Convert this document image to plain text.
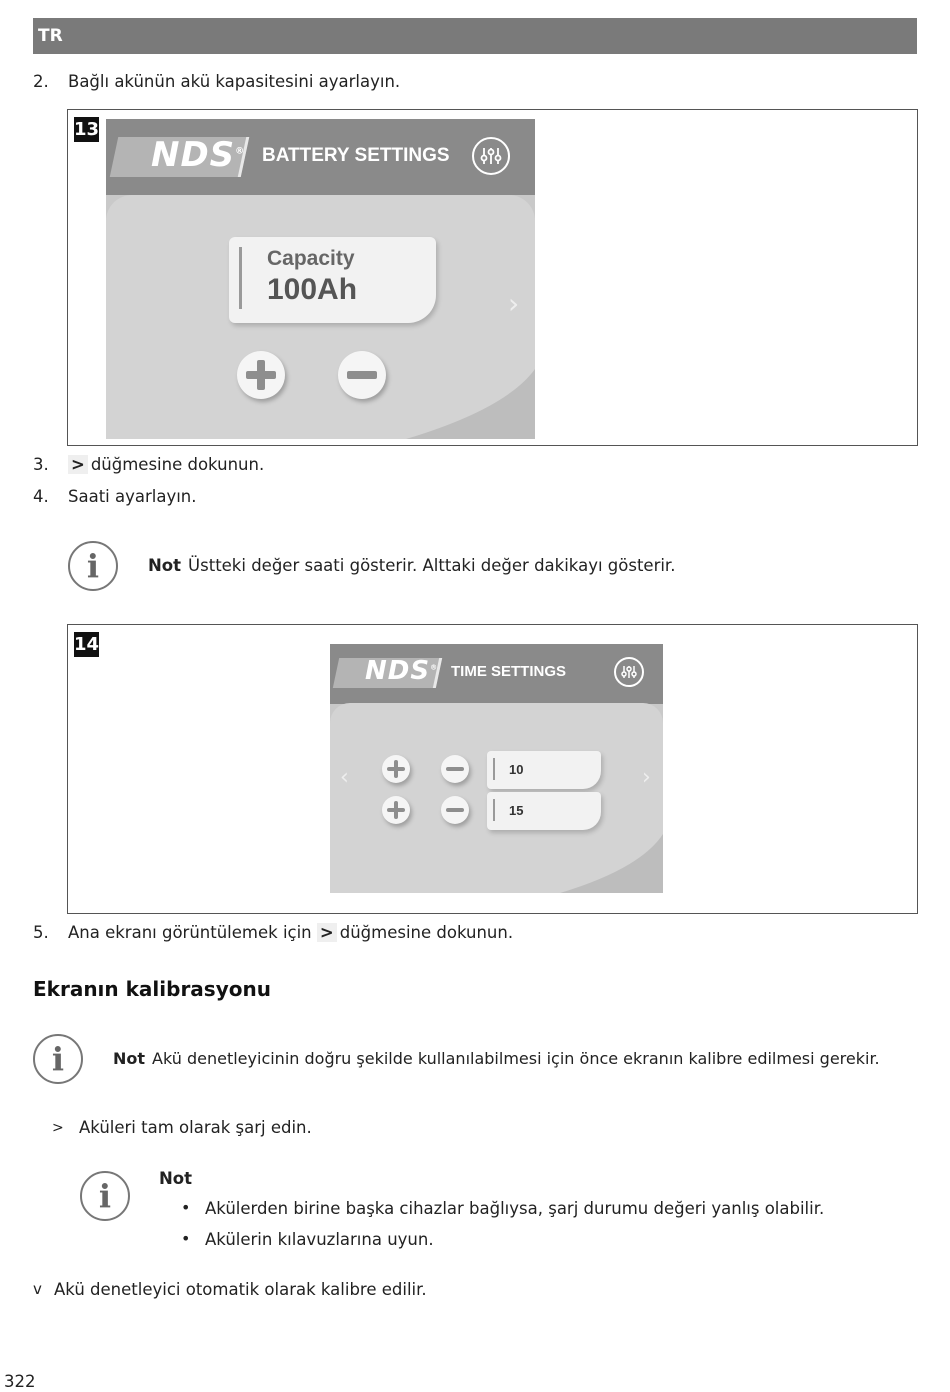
TR
2. Bağlı akünün akü kapasitesini ayarlayın.
13
NDS® BATTERY SETTINGS
Capacity
100Ah	›
3. > düğmesine dokunun.
4. Saati ayarlayın.
i	Not Üstteki değer saati gösterir. Alttaki değer dakikayı gösterir.
14
NDS® TIME SETTINGS
‹	›
10
15
5. Ana ekranı görüntülemek için > düğmesine dokunun.
Ekranın kalibrasyonu
i	Not Akü denetleyicinin doğru şekilde kullanılabilmesi için önce ekranın kalibre edilmesi gerekir.
> Aküleri tam olarak şarj edin.
i	Not
• Akülerden birine başka cihazlar bağlıysa, şarj durumu değeri yanlış olabilir.
• Akülerin kılavuzlarına uyun.
v Akü denetleyici otomatik olarak kalibre edilir.
322
